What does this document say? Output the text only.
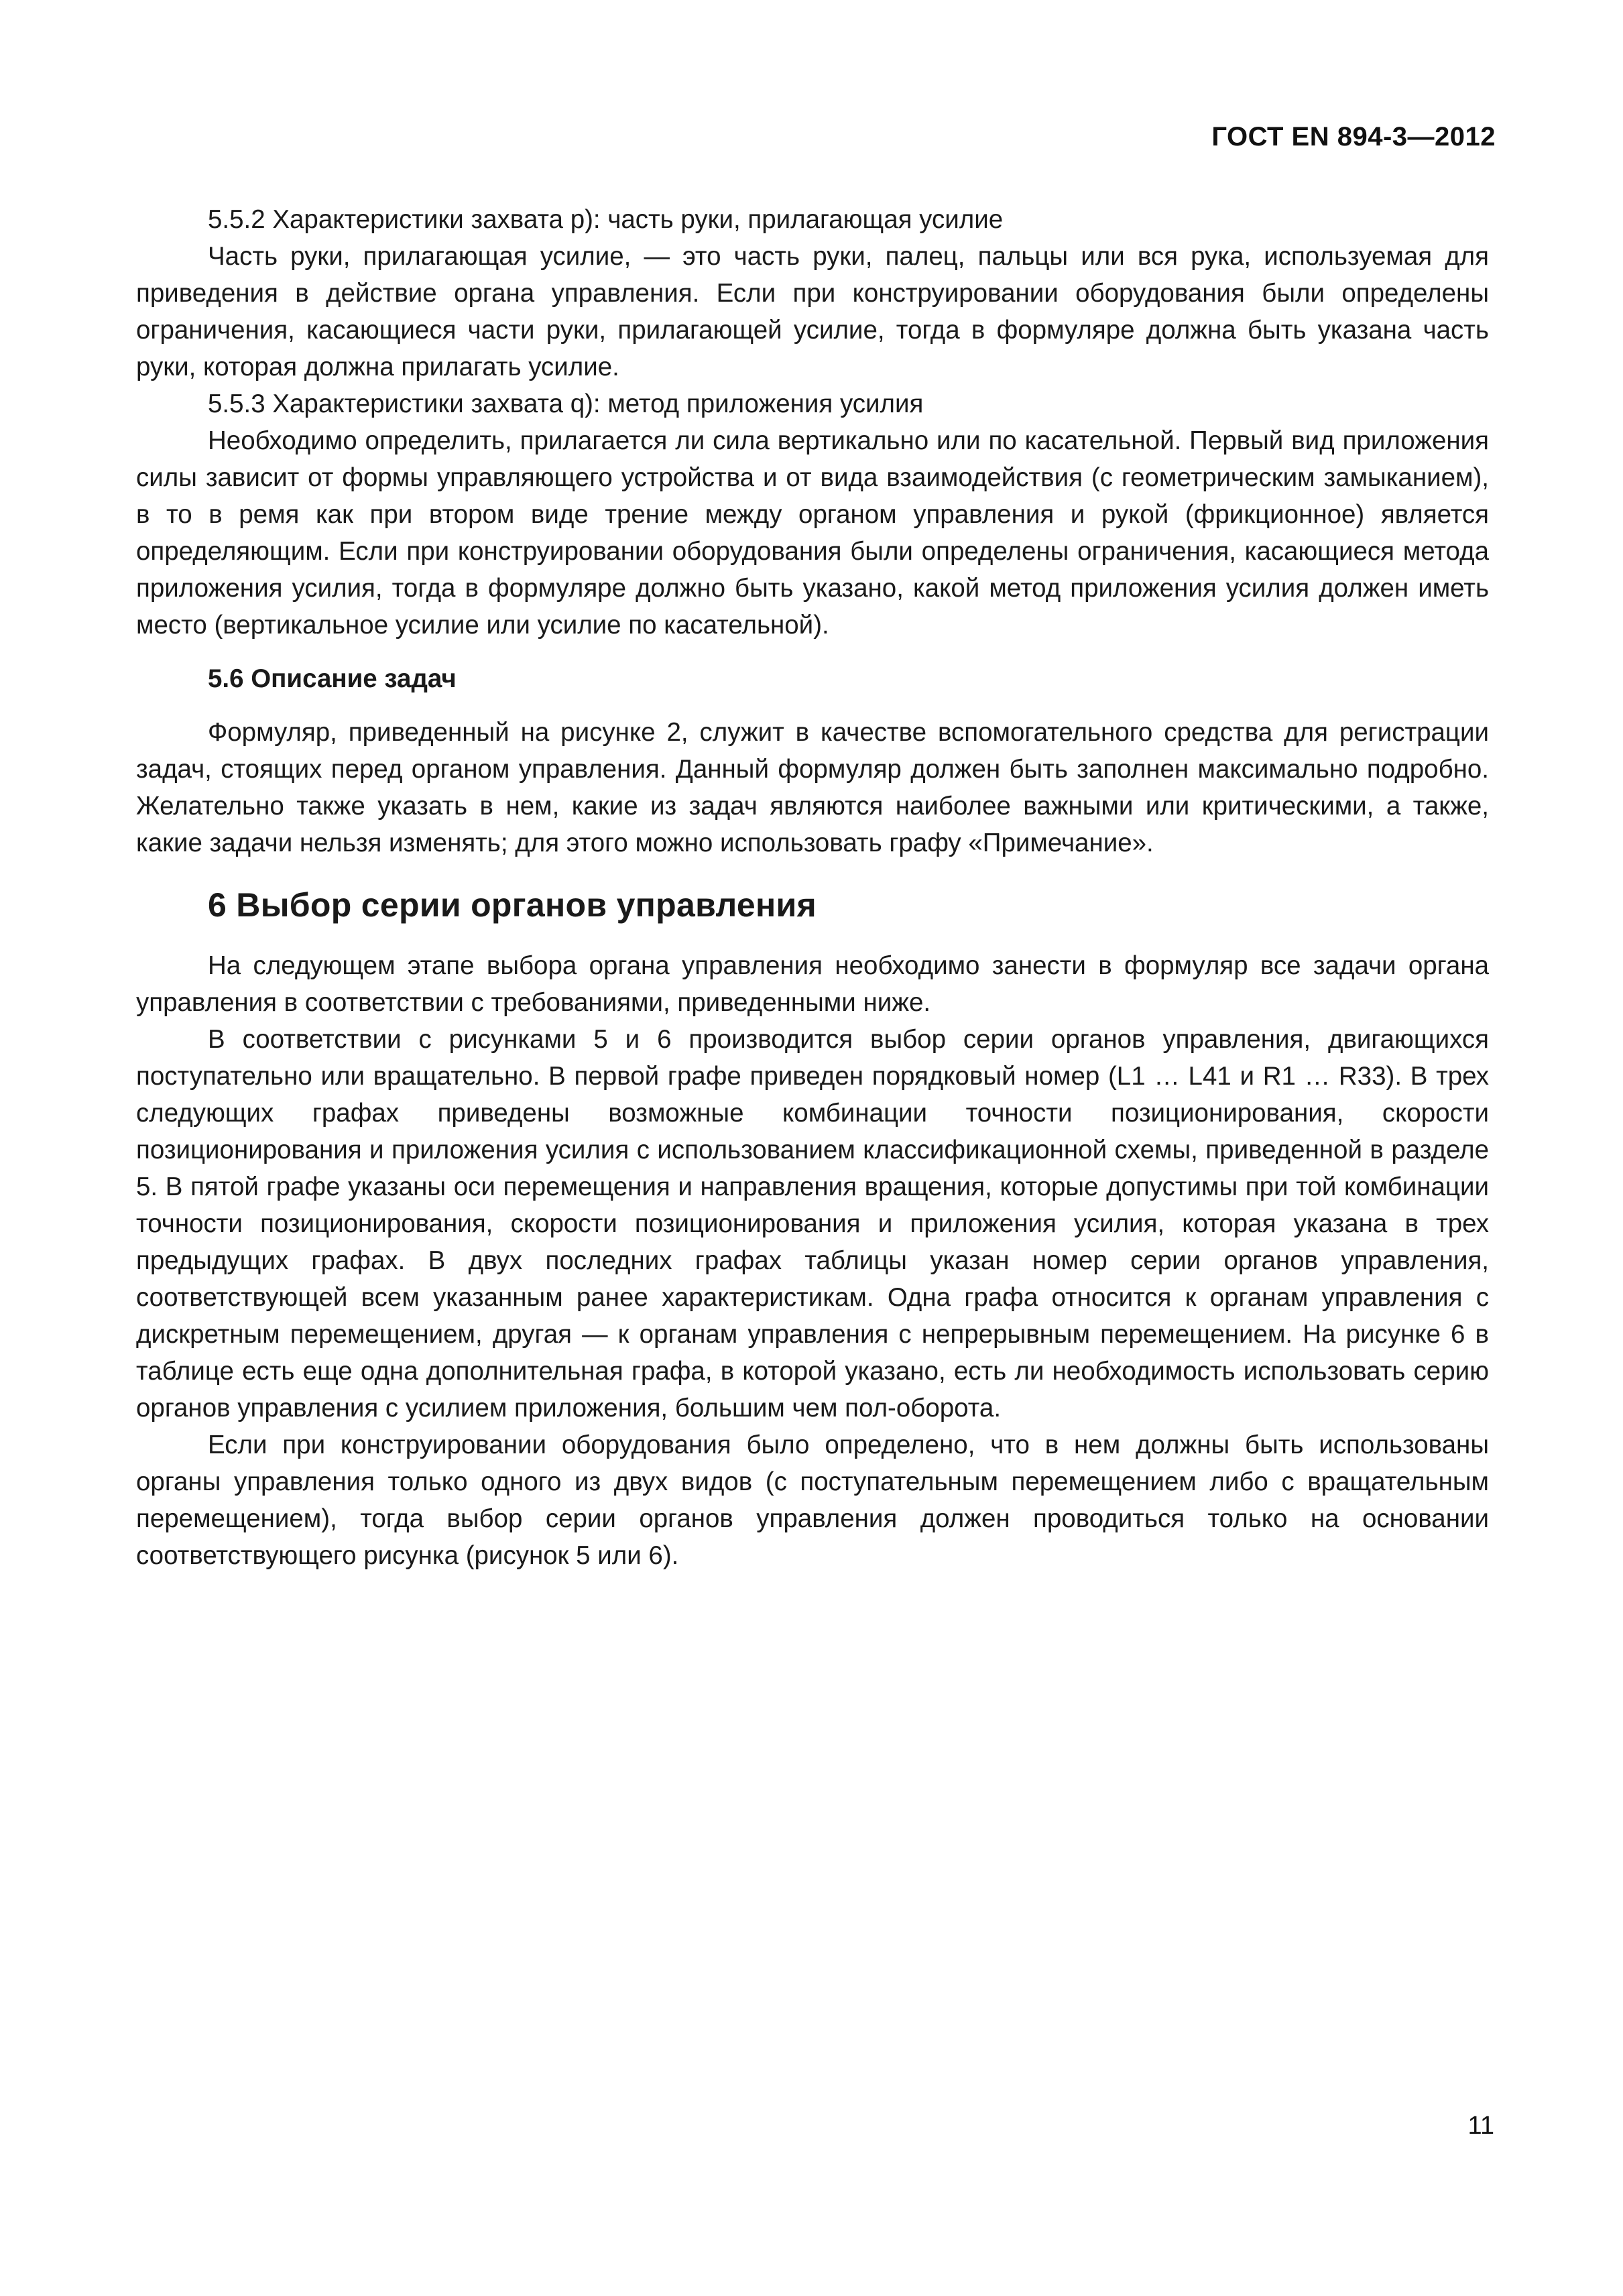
ГОСТ EN 894-3—2012

5.5.2 Характеристики захвата p): часть руки, прилагающая усилие

Часть руки, прилагающая усилие, — это часть руки, палец, пальцы или вся рука, используемая для приведения в действие органа управления. Если при конструировании оборудования были определены ограничения, касающиеся части руки, прилагающей усилие, тогда в формуляре должна быть указана часть руки, которая должна прилагать усилие.

5.5.3 Характеристики захвата q): метод приложения усилия

Необходимо определить, прилагается ли сила вертикально или по касательной. Первый вид приложения силы зависит от формы управляющего устройства и от вида взаимодействия (с геометрическим замыканием), в то в ремя как при втором виде трение между органом управления и рукой (фрикционное) является определяющим. Если при конструировании оборудования были определены ограничения, касающиеся метода приложения усилия, тогда в формуляре должно быть указано, какой метод приложения усилия должен иметь место (вертикальное усилие или усилие по касательной).

5.6 Описание задач

Формуляр, приведенный на рисунке 2, служит в качестве вспомогательного средства для регистрации задач, стоящих перед органом управления. Данный формуляр должен быть заполнен максимально подробно. Желательно также указать в нем, какие из задач являются наиболее важными или критическими, а также, какие задачи нельзя изменять; для этого можно использовать графу «Примечание».

6 Выбор серии органов управления

На следующем этапе выбора органа управления необходимо занести в формуляр все задачи органа управления в соответствии с требованиями, приведенными ниже.

В соответствии с рисунками 5 и 6 производится выбор серии органов управления, двигающихся поступательно или вращательно. В первой графе приведен порядковый номер (L1 … L41 и R1 … R33). В трех следующих графах приведены возможные комбинации точности позиционирования, скорости позиционирования и приложения усилия с использованием классификационной схемы, приведенной в разделе 5. В пятой графе указаны оси перемещения и направления вращения, которые допустимы при той комбинации точности позиционирования, скорости позиционирования и приложения усилия, которая указана в трех предыдущих графах. В двух последних графах таблицы указан номер серии органов управления, соответствующей всем указанным ранее характеристикам. Одна графа относится к органам управления с дискретным перемещением, другая — к органам управления с непрерывным перемещением. На рисунке 6 в таблице есть еще одна дополнительная графа, в которой указано, есть ли необходимость использовать серию органов управления с усилием приложения, большим чем пол-оборота.

Если при конструировании оборудования было определено, что в нем должны быть использованы органы управления только одного из двух видов (с поступательным перемещением либо с вращательным перемещением), тогда выбор серии органов управления должен проводиться только на основании соответствующего рисунка (рисунок 5 или 6).

11
